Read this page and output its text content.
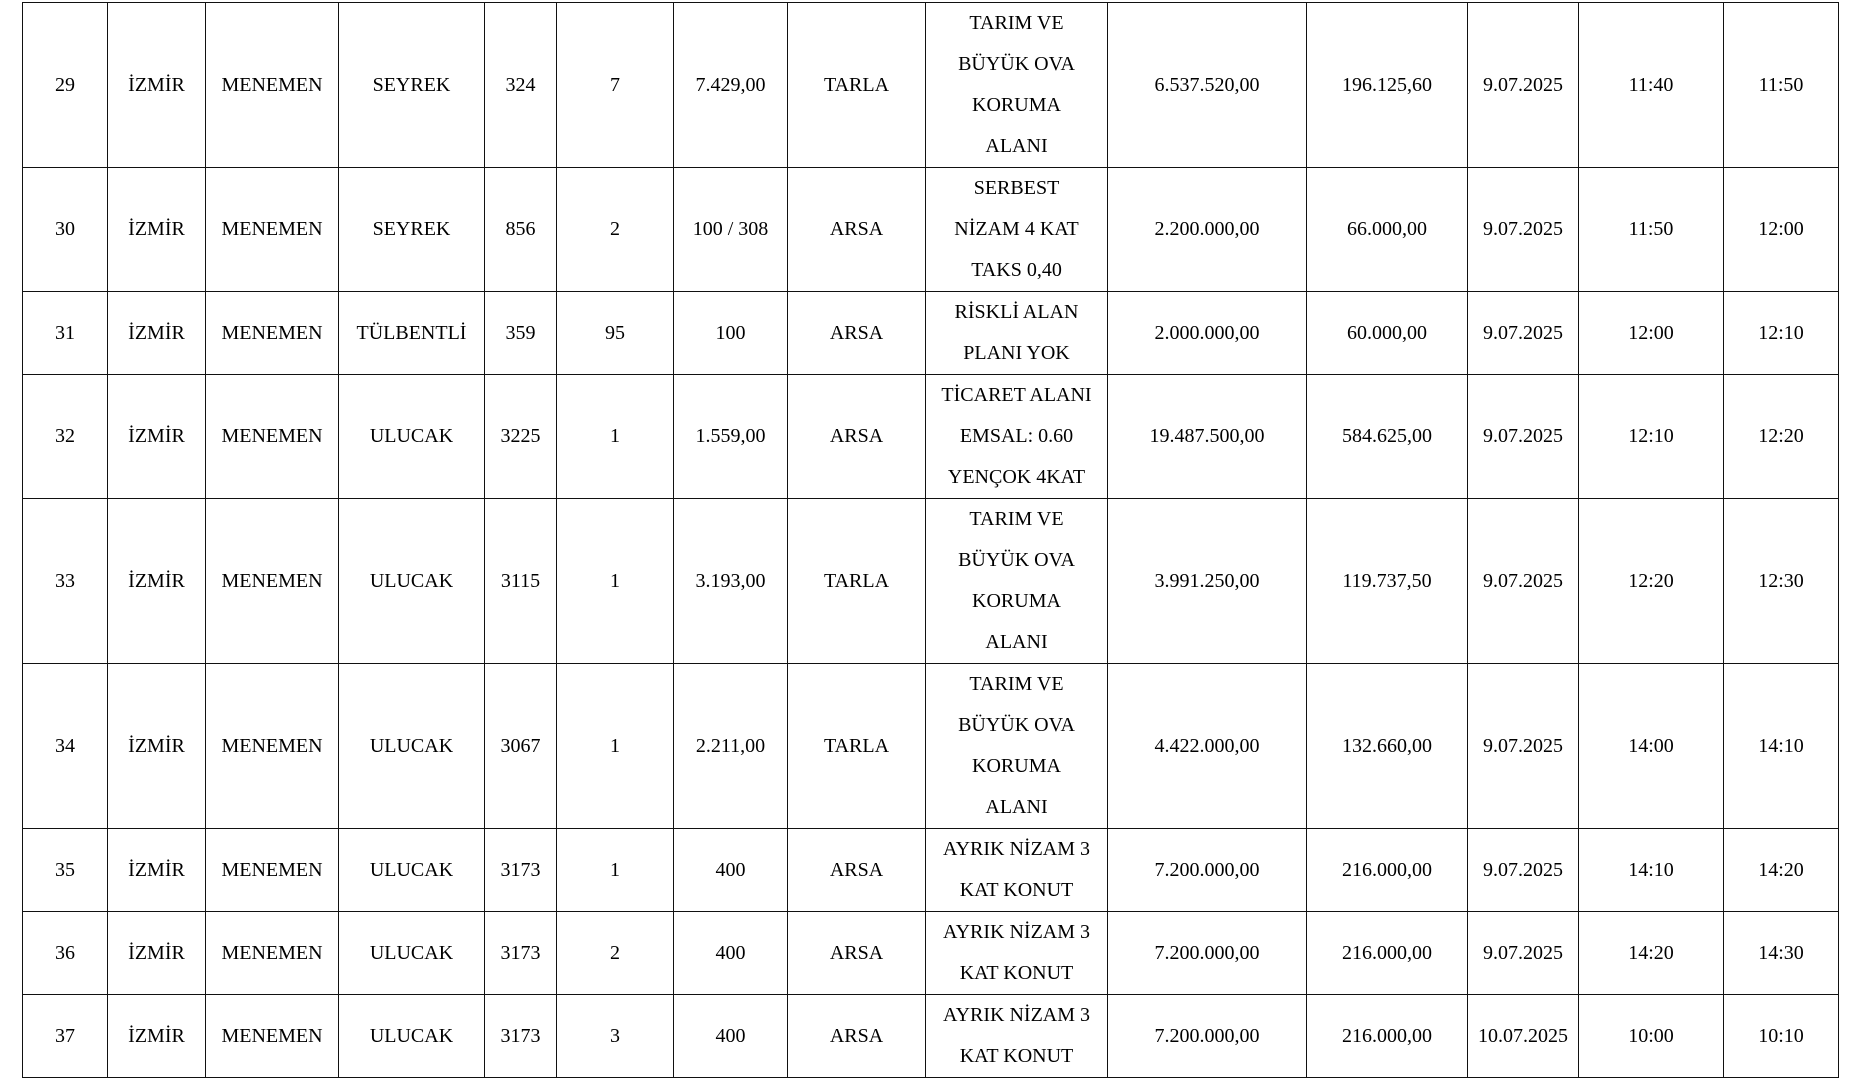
29	İZMİR	MENEMEN	SEYREK	324	7	7.429,00	TARLA	TARIM VE
BÜYÜK OVA
KORUMA
ALANI	6.537.520,00	196.125,60	9.07.2025	11:40	11:50
30	İZMİR	MENEMEN	SEYREK	856	2	100 / 308	ARSA	SERBEST
NİZAM 4 KAT
TAKS 0,40	2.200.000,00	66.000,00	9.07.2025	11:50	12:00
31	İZMİR	MENEMEN	TÜLBENTLİ	359	95	100	ARSA	RİSKLİ ALAN
PLANI YOK	2.000.000,00	60.000,00	9.07.2025	12:00	12:10
32	İZMİR	MENEMEN	ULUCAK	3225	1	1.559,00	ARSA	TİCARET ALANI
EMSAL: 0.60
YENÇOK 4KAT	19.487.500,00	584.625,00	9.07.2025	12:10	12:20
33	İZMİR	MENEMEN	ULUCAK	3115	1	3.193,00	TARLA	TARIM VE
BÜYÜK OVA
KORUMA
ALANI	3.991.250,00	119.737,50	9.07.2025	12:20	12:30
34	İZMİR	MENEMEN	ULUCAK	3067	1	2.211,00	TARLA	TARIM VE
BÜYÜK OVA
KORUMA
ALANI	4.422.000,00	132.660,00	9.07.2025	14:00	14:10
35	İZMİR	MENEMEN	ULUCAK	3173	1	400	ARSA	AYRIK NİZAM 3
KAT KONUT	7.200.000,00	216.000,00	9.07.2025	14:10	14:20
36	İZMİR	MENEMEN	ULUCAK	3173	2	400	ARSA	AYRIK NİZAM 3
KAT KONUT	7.200.000,00	216.000,00	9.07.2025	14:20	14:30
37	İZMİR	MENEMEN	ULUCAK	3173	3	400	ARSA	AYRIK NİZAM 3
KAT KONUT	7.200.000,00	216.000,00	10.07.2025	10:00	10:10
